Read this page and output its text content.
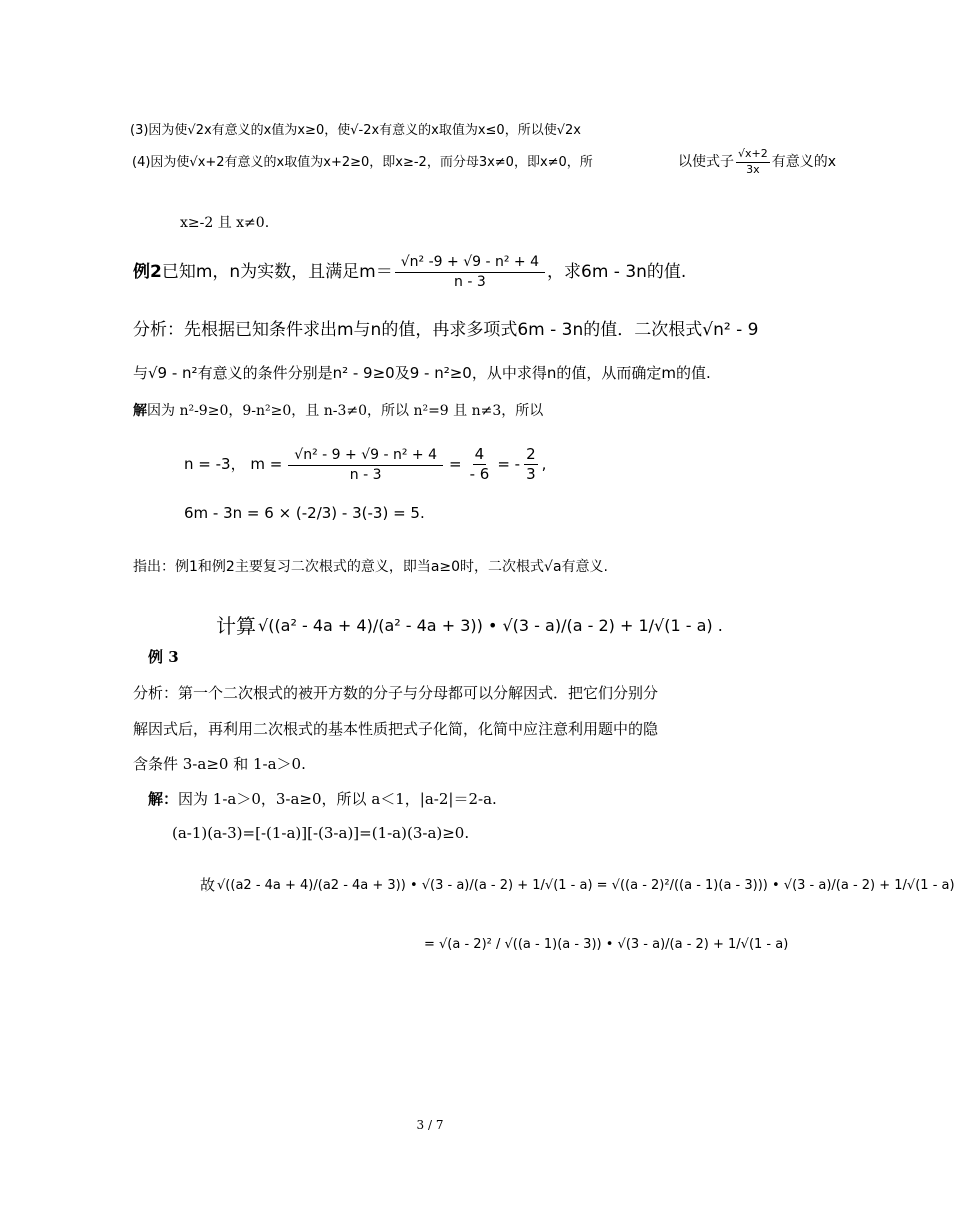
(3)因为使√2x有意义的x值为x≥0，使√-2x有意义的x取值为x≤0，所以使√2x
(4)因为使√x+2有意义的x取值为x+2≥0，即x≥-2，而分母3x≠0，即x≠0，所	以使式子 $\frac{√x+2}{3x}$ 有意义的x
x≥-2 且 x≠0.
例2 已知m，n为实数，且满足$m= \frac{\text{√n² -9 + √9 - n² + 4}}{n - 3}$ ，求6m - 3n的值.
分析：先根据已知条件求出m与n的值，冉求多项式6m - 3n的值．二次根式√n² - 9
与√9 - n²有意义的条件分别是n² - 9≥0及9 - n²≥0，从中求得n的值，从而确定m的值.
解因为 n²-9≥0，9-n²≥0，且 n-3≠0，所以 n²=9 且 n≠3，所以
n = -3， $m = \frac{\text{√n² - 9 + √9 - n² + 4}}{n - 3} = \frac{4}{- 6}$ = - $\frac{2}{3}$ ,
6m - 3n = 6 × (-2/3) - 3(-3) = 5.
指出：例1和例2主要复习二次根式的意义，即当a≥0时，二次根式√a有意义.
计算 √((a² - 4a + 4)/(a² - 4a + 3)) • √(3 - a)/(a - 2) + 1/√(1 - a) .
例 3
分析：第一个二次根式的被开方数的分子与分母都可以分解因式．把它们分别分
解因式后，再利用二次根式的基本性质把式子化简，化简中应注意利用题中的隐
含条件 3-a≥0 和 1-a＞0.
解：因为 1-a＞0，3-a≥0，所以 a＜1，|a-2|＝2-a.
(a-1)(a-3)=[-(1-a)][-(3-a)]=(1-a)(3-a)≥0.
故 √((a2 - 4a + 4)/(a2 - 4a + 3)) • √(3 - a)/(a - 2) + 1/√(1 - a) = √((a - 2)²/((a - 1)(a - 3))) • √(3 - a)/(a - 2) + 1/√(1 - a)
= √(a - 2)² / √((a - 1)(a - 3)) • √(3 - a)/(a - 2) + 1/√(1 - a)
3 / 7
